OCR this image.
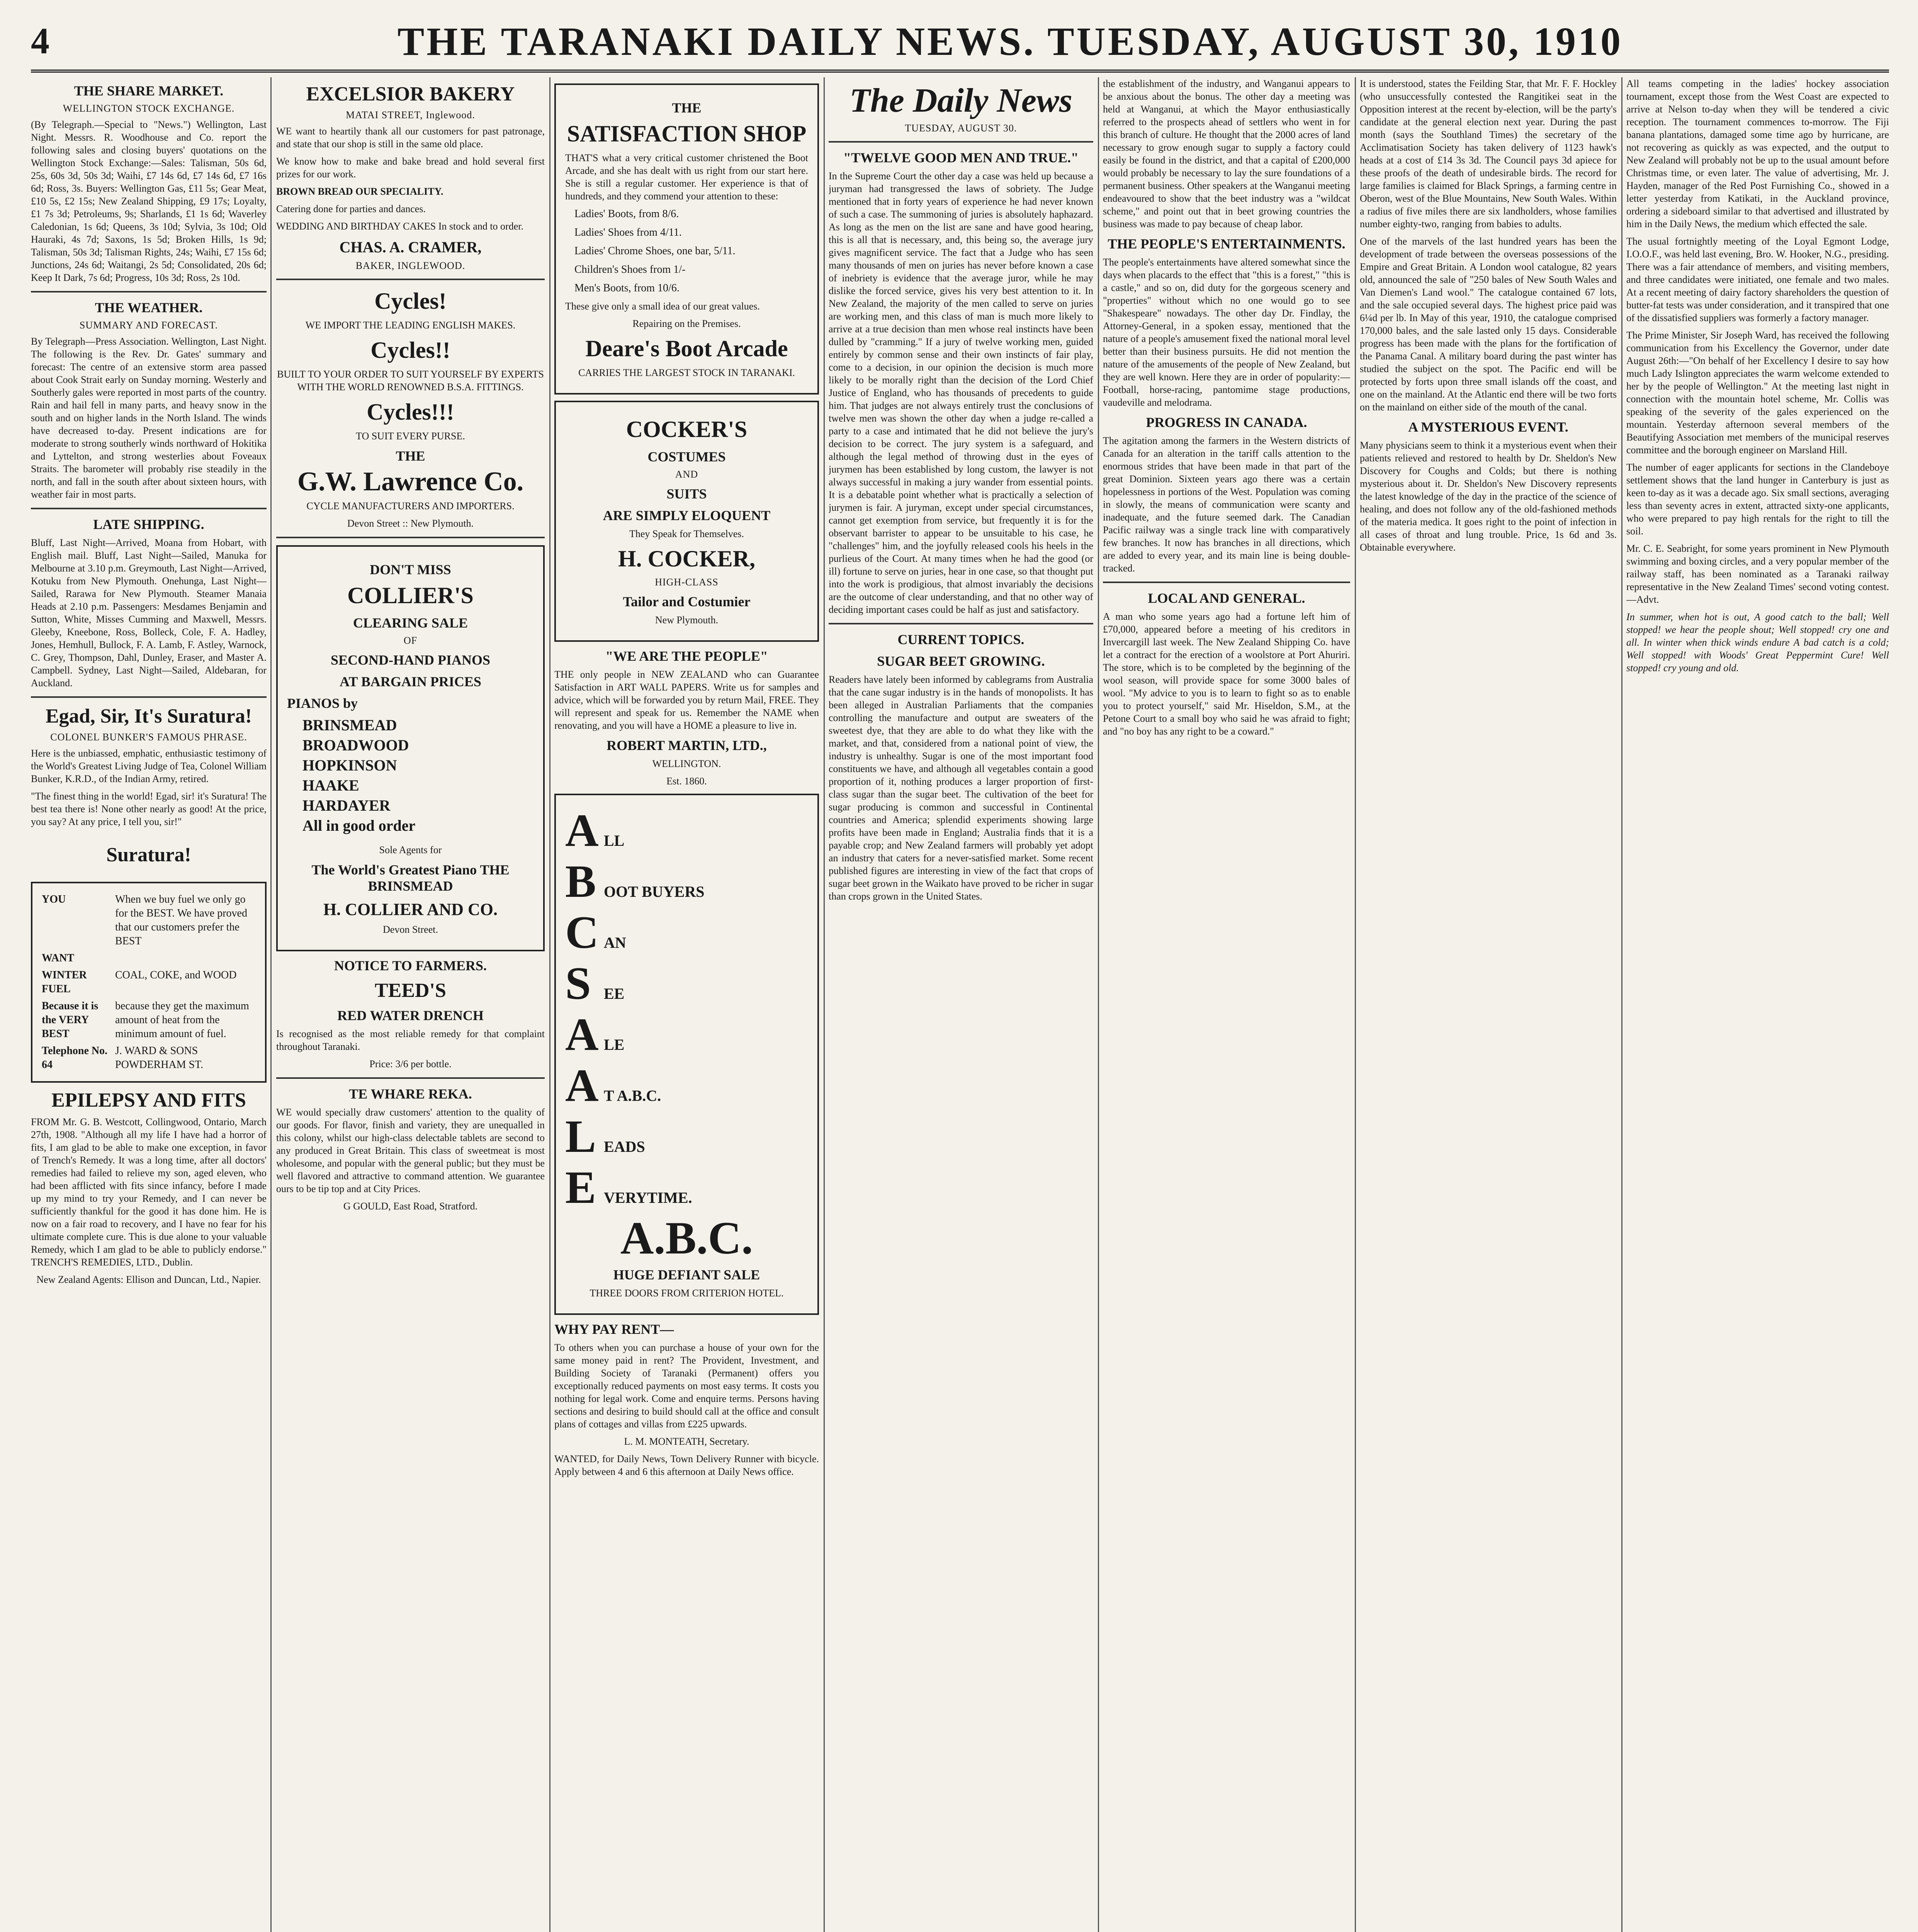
4	THE TARANAKI DAILY NEWS. TUESDAY, AUGUST 30, 1910
THE SHARE MARKET.
WELLINGTON STOCK EXCHANGE.

(By Telegraph.—Special to "News.") Wellington, Last Night. Messrs. R. Woodhouse and Co. report the following sales and closing buyers' quotations on the Wellington Stock Exchange:—Sales: Talisman, 50s 6d, 25s, 60s 3d, 50s 3d; Waihi, £7 14s 6d, £7 14s 6d, £7 16s 6d; Ross, 3s. Buyers: Wellington Gas, £11 5s; Gear Meat, £10 5s, £2 15s; New Zealand Shipping, £9 17s; Loyalty, £1 7s 3d; Petroleums, 9s; Sharlands, £1 1s 6d; Waverley Caledonian, 1s 6d; Queens, 3s 10d; Sylvia, 3s 10d; Old Hauraki, 4s 7d; Saxons, 1s 5d; Broken Hills, 1s 9d; Talisman, 50s 3d; Talisman Rights, 24s; Waihi, £7 15s 6d; Junctions, 24s 6d; Waitangi, 2s 5d; Consolidated, 20s 6d; Keep It Dark, 7s 6d; Progress, 10s 3d; Ross, 2s 10d.

THE WEATHER.
SUMMARY AND FORECAST.

By Telegraph—Press Association. Wellington, Last Night. The following is the Rev. Dr. Gates' summary and forecast: The centre of an extensive storm area passed about Cook Strait early on Sunday morning. Westerly and Southerly gales were reported in most parts of the country. Rain and hail fell in many parts, and heavy snow in the south and on higher lands in the North Island. The winds have decreased to-day. Present indications are for moderate to strong southerly winds northward of Hokitika and Lyttelton, and strong westerlies about Foveaux Straits. The barometer will probably rise steadily in the north, and fall in the south after about sixteen hours, with weather fair in most parts.

LATE SHIPPING.

Bluff, Last Night—Arrived, Moana from Hobart, with English mail. Bluff, Last Night—Sailed, Manuka for Melbourne at 3.10 p.m. Greymouth, Last Night—Arrived, Kotuku from New Plymouth. Onehunga, Last Night—Sailed, Rarawa for New Plymouth. Steamer Manaia Heads at 2.10 p.m. Passengers: Mesdames Benjamin and Sutton, White, Misses Cumming and Maxwell, Messrs. Gleeby, Kneebone, Ross, Bolleck, Cole, F. A. Hadley, Jones, Hemhull, Bullock, F. A. Lamb, F. Astley, Warnock, C. Grey, Thompson, Dahl, Dunley, Eraser, and Master A. Campbell. Sydney, Last Night—Sailed, Aldebaran, for Auckland.

Egad, Sir, It's Suratura!
COLONEL BUNKER'S FAMOUS PHRASE.

Here is the unbiassed, emphatic, enthusiastic testimony of the World's Greatest Living Judge of Tea, Colonel William Bunker, K.R.D., of the Indian Army, retired.

"The finest thing in the world! Egad, sir! it's Suratura! The best tea there is! None other nearly as good! At the price, you say? At any price, I tell you, sir!"

Suratura!
YOU	When we buy fuel we only go for the BEST. We have proved that our customers prefer the BEST
WANT
WINTER FUEL
COAL, COKE, and WOOD
Because it is the VERY BEST
because they get the maximum amount of heat from the minimum amount of fuel.
Telephone No. 64
J. WARD & SONS POWDERHAM ST.
EPILEPSY AND FITS

FROM Mr. G. B. Westcott, Collingwood, Ontario, March 27th, 1908. "Although all my life I have had a horror of fits, I am glad to be able to make one exception, in favor of Trench's Remedy. It was a long time, after all doctors' remedies had failed to relieve my son, aged eleven, who had been afflicted with fits since infancy, before I made up my mind to try your Remedy, and I can never be sufficiently thankful for the good it has done him. He is now on a fair road to recovery, and I have no fear for his ultimate complete cure. This is due alone to your valuable Remedy, which I am glad to be able to publicly endorse." TRENCH'S REMEDIES, LTD., Dublin.

New Zealand Agents: Ellison and Duncan, Ltd., Napier.

EXCELSIOR BAKERY
MATAI STREET, Inglewood.

WE want to heartily thank all our customers for past patronage, and state that our shop is still in the same old place.

We know how to make and bake bread and hold several first prizes for our work.

BROWN BREAD OUR SPECIALITY.

Catering done for parties and dances.

WEDDING AND BIRTHDAY CAKES In stock and to order.

CHAS. A. CRAMER,
BAKER, INGLEWOOD.
Cycles!

WE IMPORT THE LEADING ENGLISH MAKES.

Cycles!!

BUILT TO YOUR ORDER TO SUIT YOURSELF BY EXPERTS WITH THE WORLD RENOWNED B.S.A. FITTINGS.

Cycles!!!

TO SUIT EVERY PURSE.

THE
G.W. Lawrence Co.

CYCLE MANUFACTURERS AND IMPORTERS.

Devon Street :: New Plymouth.

DON'T MISS
COLLIER'S
CLEARING SALE
OF
SECOND-HAND PIANOS
AT BARGAIN PRICES
PIANOS by
BRINSMEAD
BROADWOOD
HOPKINSON
HAAKE
HARDAYER
All in good order

Sole Agents for

The World's Greatest Piano THE BRINSMEAD
H. COLLIER AND CO.

Devon Street.

NOTICE TO FARMERS.
TEED'S
RED WATER DRENCH

Is recognised as the most reliable remedy for that complaint throughout Taranaki.

Price: 3/6 per bottle.

TE WHARE REKA.

WE would specially draw customers' attention to the quality of our goods. For flavor, finish and variety, they are unequalled in this colony, whilst our high-class delectable tablets are second to any produced in Great Britain. This class of sweetmeat is most wholesome, and popular with the general public; but they must be well flavored and attractive to command attention. We guarantee ours to be tip top and at City Prices.

G GOULD, East Road, Stratford.

THE
SATISFACTION SHOP

THAT'S what a very critical customer christened the Boot Arcade, and she has dealt with us right from our start here. She is still a regular customer. Her experience is that of hundreds, and they commend your attention to these:

Ladies' Boots, from 8/6.
Ladies' Shoes from 4/11.
Ladies' Chrome Shoes, one bar, 5/11.
Children's Shoes from 1/-
Men's Boots, from 10/6.

These give only a small idea of our great values.

Repairing on the Premises.

Deare's Boot Arcade

CARRIES THE LARGEST STOCK IN TARANAKI.

COCKER'S
COSTUMES
AND
SUITS
ARE SIMPLY ELOQUENT

They Speak for Themselves.

H. COCKER,
HIGH-CLASS
Tailor and Costumier

New Plymouth.

"WE ARE THE PEOPLE"

THE only people in NEW ZEALAND who can Guarantee Satisfaction in ART WALL PAPERS. Write us for samples and advice, which will be forwarded you by return Mail, FREE. They will represent and speak for us. Remember the NAME when renovating, and you will have a HOME a pleasure to live in.

ROBERT MARTIN, LTD.,

WELLINGTON.

Est. 1860.

ALL
BOOT BUYERS
CAN
SEE
ALE
A T A.B.C.
LEADS
EVERYTIME.
A.B.C.
HUGE DEFIANT SALE

THREE DOORS FROM CRITERION HOTEL.

WHY PAY RENT—

To others when you can purchase a house of your own for the same money paid in rent? The Provident, Investment, and Building Society of Taranaki (Permanent) offers you exceptionally reduced payments on most easy terms. It costs you nothing for legal work. Come and enquire terms. Persons having sections and desiring to build should call at the office and consult plans of cottages and villas from £225 upwards.

L. M. MONTEATH, Secretary.

WANTED, for Daily News, Town Delivery Runner with bicycle. Apply between 4 and 6 this afternoon at Daily News office.

The Daily News
TUESDAY, AUGUST 30.
"TWELVE GOOD MEN AND TRUE."

In the Supreme Court the other day a case was held up because a juryman had transgressed the laws of sobriety. The Judge mentioned that in forty years of experience he had never known of such a case. The summoning of juries is absolutely haphazard. As long as the men on the list are sane and have good hearing, this is all that is necessary, and, this being so, the average jury gives magnificent service. The fact that a Judge who has seen many thousands of men on juries has never before known a case of inebriety is evidence that the average juror, while he may dislike the forced service, gives his very best attention to it. In New Zealand, the majority of the men called to serve on juries are working men, and this class of man is much more likely to arrive at a true decision than men whose real instincts have been dulled by "cramming." If a jury of twelve working men, guided entirely by common sense and their own instincts of fair play, come to a decision, in our opinion the decision is much more likely to be morally right than the decision of the Lord Chief Justice of England, who has thousands of precedents to guide him. That judges are not always entirely trust the conclusions of twelve men was shown the other day when a judge re-called a party to a case and intimated that he did not believe the jury's decision to be correct. The jury system is a safeguard, and although the legal method of throwing dust in the eyes of jurymen has been established by long custom, the lawyer is not always successful in making a jury wander from essential points. It is a debatable point whether what is practically a selection of jurymen is fair. A juryman, except under special circumstances, cannot get exemption from service, but frequently it is for the observant barrister to appear to be unsuitable to his case, he "challenges" him, and the joyfully released cools his heels in the purlieus of the Court. At many times when he had the good (or ill) fortune to serve on juries, hear in one case, so that thought put into the work is prodigious, that almost invariably the decisions are the outcome of clear understanding, and that no other way of deciding important cases could be half as just and satisfactory.

CURRENT TOPICS.
SUGAR BEET GROWING.

Readers have lately been informed by cablegrams from Australia that the cane sugar industry is in the hands of monopolists. It has been alleged in Australian Parliaments that the companies controlling the manufacture and output are sweaters of the sweetest dye, that they are able to do what they like with the market, and that, considered from a national point of view, the industry is unhealthy. Sugar is one of the most important food constituents we have, and although all vegetables contain a good proportion of it, nothing produces a larger proportion of first-class sugar than the sugar beet. The cultivation of the beet for sugar producing is common and successful in Continental countries and America; splendid experiments showing large profits have been made in England; Australia finds that it is a payable crop; and New Zealand farmers will probably yet adopt an industry that caters for a never-satisfied market. Some recent published figures are interesting in view of the fact that crops of sugar beet grown in the Waikato have proved to be richer in sugar than crops grown in the United States.

the establishment of the industry, and Wanganui appears to be anxious about the bonus. The other day a meeting was held at Wanganui, at which the Mayor enthusiastically referred to the prospects ahead of settlers who went in for this branch of culture. He thought that the 2000 acres of land necessary to grow enough sugar to supply a factory could easily be found in the district, and that a capital of £200,000 would probably be necessary to lay the sure foundations of a permanent business. Other speakers at the Wanganui meeting endeavoured to show that the beet industry was a "wildcat scheme," and point out that in beet growing countries the business was made to pay because of cheap labor.

THE PEOPLE'S ENTERTAINMENTS.

The people's entertainments have altered somewhat since the days when placards to the effect that "this is a forest," "this is a castle," and so on, did duty for the gorgeous scenery and "properties" without which no one would go to see "Shakespeare" nowadays. The other day Dr. Findlay, the Attorney-General, in a spoken essay, mentioned that the nature of a people's amusement fixed the national moral level better than their business pursuits. He did not mention the nature of the amusements of the people of New Zealand, but they are well known. Here they are in order of popularity:—Football, horse-racing, pantomime stage productions, vaudeville and melodrama.

PROGRESS IN CANADA.

The agitation among the farmers in the Western districts of Canada for an alteration in the tariff calls attention to the enormous strides that have been made in that part of the great Dominion. Sixteen years ago there was a certain hopelessness in portions of the West. Population was coming in slowly, the means of communication were scanty and inadequate, and the future seemed dark. The Canadian Pacific railway was a single track line with comparatively few branches. It now has branches in all directions, which are added to every year, and its main line is being double-tracked.

LOCAL AND GENERAL.

A man who some years ago had a fortune left him of £70,000, appeared before a meeting of his creditors in Invercargill last week. The New Zealand Shipping Co. have let a contract for the erection of a woolstore at Port Ahuriri. The store, which is to be completed by the beginning of the wool season, will provide space for some 3000 bales of wool. "My advice to you is to learn to fight so as to enable you to protect yourself," said Mr. Hiseldon, S.M., at the Petone Court to a small boy who said he was afraid to fight; and "no boy has any right to be a coward."

It is understood, states the Feilding Star, that Mr. F. F. Hockley (who unsuccessfully contested the Rangitikei seat in the Opposition interest at the recent by-election, will be the party's candidate at the general election next year. During the past month (says the Southland Times) the secretary of the Acclimatisation Society has taken delivery of 1123 hawk's heads at a cost of £14 3s 3d. The Council pays 3d apiece for these proofs of the death of undesirable birds. The record for large families is claimed for Black Springs, a farming centre in Oberon, west of the Blue Mountains, New South Wales. Within a radius of five miles there are six landholders, whose families number eighty-two, ranging from babies to adults.

One of the marvels of the last hundred years has been the development of trade between the overseas possessions of the Empire and Great Britain. A London wool catalogue, 82 years old, announced the sale of "250 bales of New South Wales and Van Diemen's Land wool." The catalogue contained 67 lots, and the sale occupied several days. The highest price paid was 6¼d per lb. In May of this year, 1910, the catalogue comprised 170,000 bales, and the sale lasted only 15 days. Considerable progress has been made with the plans for the fortification of the Panama Canal. A military board during the past winter has studied the subject on the spot. The Pacific end will be protected by forts upon three small islands off the coast, and one on the mainland. At the Atlantic end there will be two forts on the mainland on either side of the mouth of the canal.

A MYSTERIOUS EVENT.

Many physicians seem to think it a mysterious event when their patients relieved and restored to health by Dr. Sheldon's New Discovery for Coughs and Colds; but there is nothing mysterious about it. Dr. Sheldon's New Discovery represents the latest knowledge of the day in the practice of the science of healing, and does not follow any of the old-fashioned methods of the materia medica. It goes right to the point of infection in all cases of throat and lung trouble. Price, 1s 6d and 3s. Obtainable everywhere.

All teams competing in the ladies' hockey association tournament, except those from the West Coast are expected to arrive at Nelson to-day when they will be tendered a civic reception. The tournament commences to-morrow. The Fiji banana plantations, damaged some time ago by hurricane, are not recovering as quickly as was expected, and the output to New Zealand will probably not be up to the usual amount before Christmas time, or even later. The value of advertising, Mr. J. Hayden, manager of the Red Post Furnishing Co., showed in a letter yesterday from Katikati, in the Auckland province, ordering a sideboard similar to that advertised and illustrated by him in the Daily News, the medium which effected the sale.

The usual fortnightly meeting of the Loyal Egmont Lodge, I.O.O.F., was held last evening, Bro. W. Hooker, N.G., presiding. There was a fair attendance of members, and visiting members, and three candidates were initiated, one female and two males. At a recent meeting of dairy factory shareholders the question of butter-fat tests was under consideration, and it transpired that one of the dissatisfied suppliers was formerly a factory manager.

The Prime Minister, Sir Joseph Ward, has received the following communication from his Excellency the Governor, under date August 26th:—"On behalf of her Excellency I desire to say how much Lady Islington appreciates the warm welcome extended to her by the people of Wellington." At the meeting last night in connection with the mountain hotel scheme, Mr. Collis was speaking of the severity of the gales experienced on the mountain. Yesterday afternoon several members of the Beautifying Association met members of the municipal reserves committee and the borough engineer on Marsland Hill.

The number of eager applicants for sections in the Clandeboye settlement shows that the land hunger in Canterbury is just as keen to-day as it was a decade ago. Six small sections, averaging less than seventy acres in extent, attracted sixty-one applicants, who were prepared to pay high rentals for the right to till the soil.

Mr. C. E. Seabright, for some years prominent in New Plymouth swimming and boxing circles, and a very popular member of the railway staff, has been nominated as a Taranaki railway representative in the New Zealand Times' second voting contest.—Advt.

In summer, when hot is out, A good catch to the ball; Well stopped! we hear the people shout; Well stopped! cry one and all. In winter when thick winds endure A bad catch is a cold; Well stopped! with Woods' Great Peppermint Cure! Well stopped! cry young and old.
